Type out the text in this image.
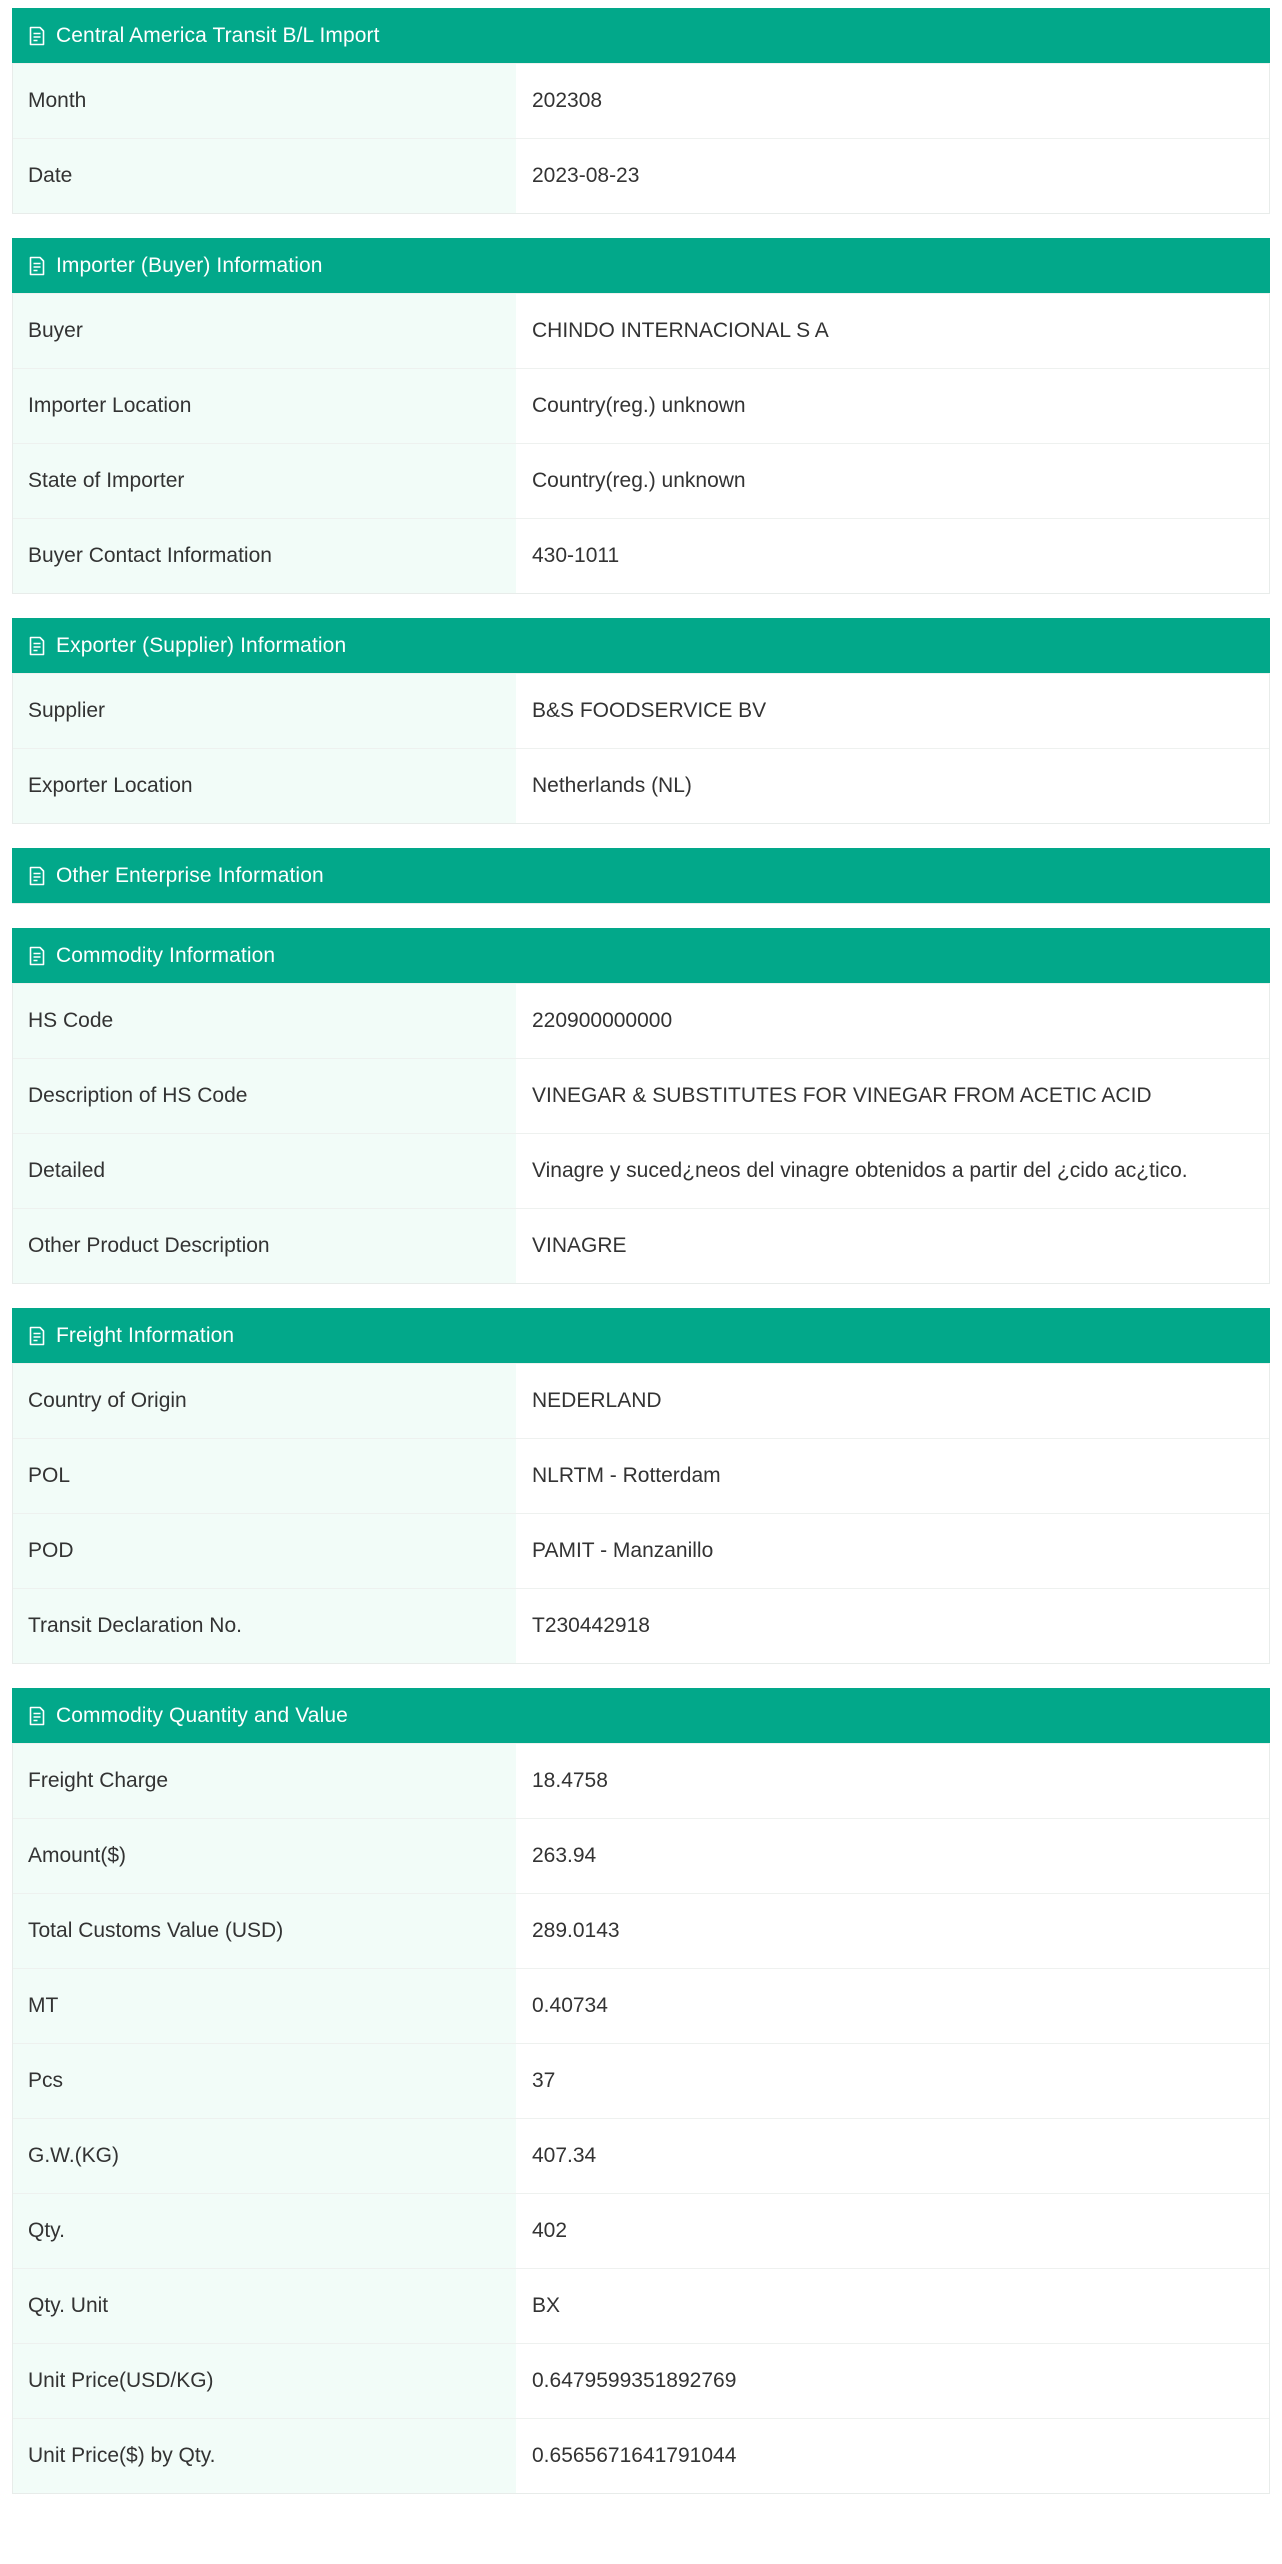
Central America Transit B/L Import
Month	202308
Date	2023-08-23
Importer (Buyer) Information
Buyer	CHINDO INTERNACIONAL S A
Importer Location	Country(reg.) unknown
State of Importer	Country(reg.) unknown
Buyer Contact Information	430-1011
Exporter (Supplier) Information
Supplier	B&S FOODSERVICE BV
Exporter Location	Netherlands (NL)
Other Enterprise Information
Commodity Information
HS Code	220900000000
Description of HS Code	VINEGAR & SUBSTITUTES FOR VINEGAR FROM ACETIC ACID
Detailed	Vinagre y suced¿neos del vinagre obtenidos a partir del ¿cido ac¿tico.
Other Product Description	VINAGRE
Freight Information
Country of Origin	NEDERLAND
POL	NLRTM - Rotterdam
POD	PAMIT - Manzanillo
Transit Declaration No.	T230442918
Commodity Quantity and Value
Freight Charge	18.4758
Amount($)	263.94
Total Customs Value (USD)	289.0143
MT	0.40734
Pcs	37
G.W.(KG)	407.34
Qty.	402
Qty. Unit	BX
Unit Price(USD/KG)	0.6479599351892769
Unit Price($) by Qty.	0.6565671641791044
